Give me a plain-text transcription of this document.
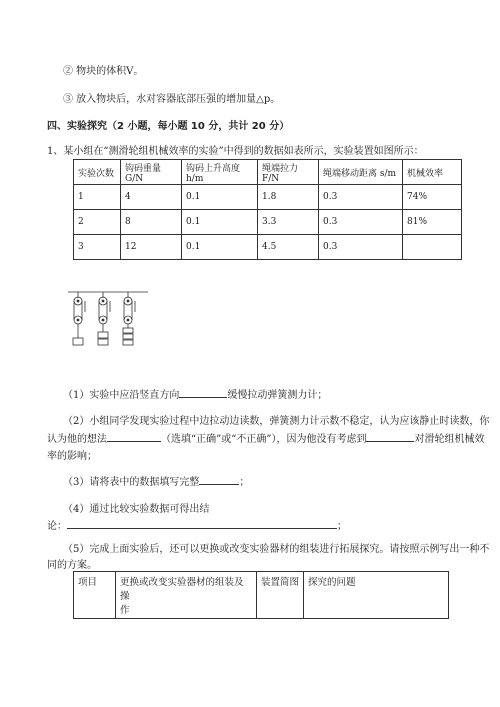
② 物块的体积V。
③ 放入物块后，水对容器底部压强的增加量△p。
四、实验探究（2 小题，每小题 10 分，共计 20 分）
1、某小组在“测滑轮组机械效率的实验”中得到的数据如表所示，实验装置如图所示：
实验次数	钩码重量 G/N	钩码上升高度 h/m	绳端拉力 F/N	绳端移动距离 s/m	机械效率
1	4	0.1	1.8	0.3	74%
2	8	0.1	3.3	0.3	81%
3	12	0.1	4.5	0.3	
（1）实验中应沿竖直方向	缓慢拉动弹簧测力计；
（2）小组同学发现实验过程中边拉动边读数，弹簧测力计示数不稳定，认为应该静止时读数，你
认为他的想法	（选填“正确”或“不正确”），因为他没有考虑到	对滑轮组机械效
率的影响；
（3）请将表中的数据填写完整	；
（4）通过比较实验数据可得出结
论：	；
（5）完成上面实验后，还可以更换或改变实验器材的组装进行拓展探究。请按照示例写出一种不
同的方案。
项目	更换或改变实验器材的组装及操
作
	装置简图	探究的问题
